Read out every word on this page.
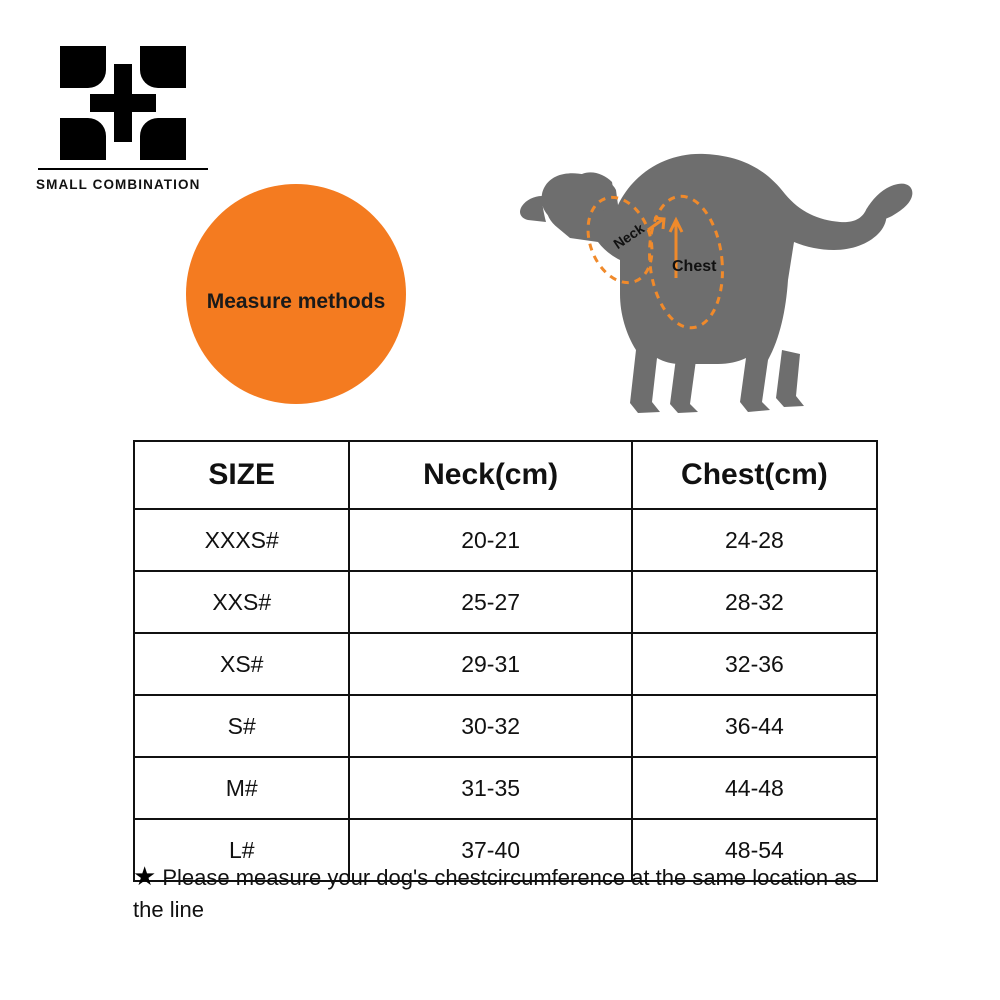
SMALL COMBINATION
Measure methods
Neck
Chest
SIZE	Neck(cm)	Chest(cm)
XXXS#	20-21	24-28
XXS#	25-27	28-32
XS#	29-31	32-36
S#	30-32	36-44
M#	31-35	44-48
L#	37-40	48-54
★ Please measure your dog's chestcircumference at the same location as the line
